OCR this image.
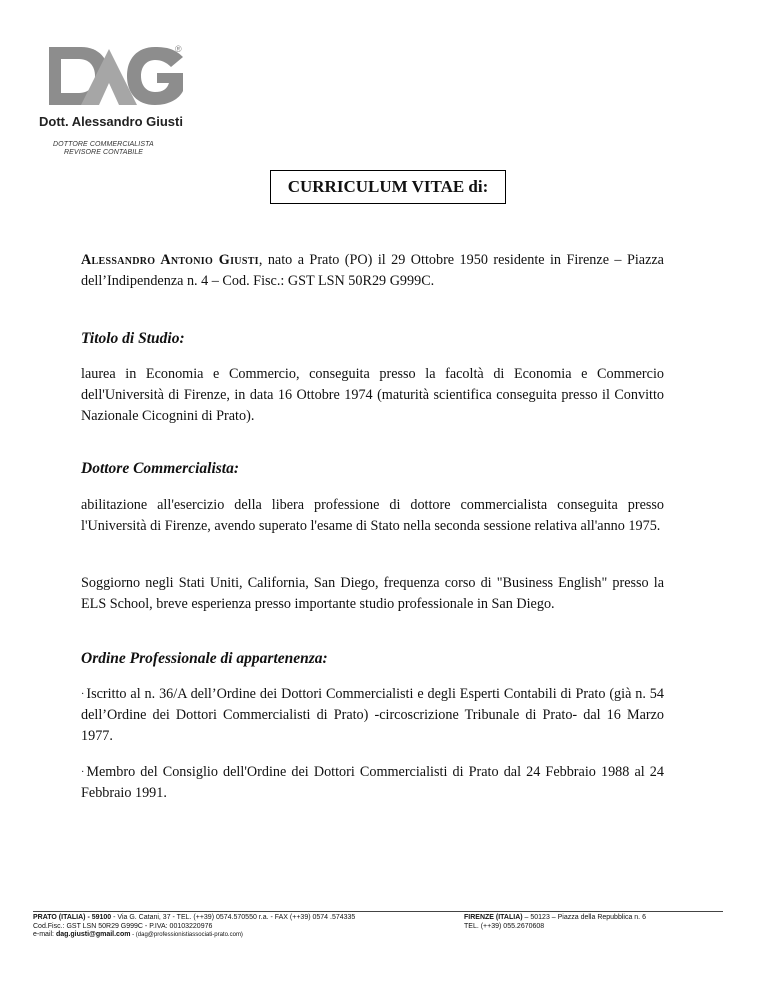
®
Dott. Alessandro Giusti
DOTTORE COMMERCIALISTA
REVISORE CONTABILE
CURRICULUM VITAE di:

Alessandro Antonio Giusti, nato a Prato (PO) il 29 Ottobre 1950 residente in Firenze – Piazza dell’Indipendenza n. 4 – Cod. Fisc.: GST LSN 50R29 G999C.

Titolo di Studio:

laurea in Economia e Commercio, conseguita presso la facoltà di Economia e Commercio dell'Università di Firenze, in data 16 Ottobre 1974 (maturità scientifica conseguita presso il Convitto Nazionale Cicognini di Prato).

Dottore Commercialista:

abilitazione all'esercizio della libera professione di dottore commercialista conseguita presso l'Università di Firenze, avendo superato l'esame di Stato nella seconda sessione relativa all'anno 1975.

Soggiorno negli Stati Uniti, California, San Diego, frequenza corso di "Business English" presso la ELS School, breve esperienza presso importante studio professionale in San Diego.

Ordine Professionale di appartenenza:

· Iscritto al n. 36/A dell’Ordine dei Dottori Commercialisti e degli Esperti Contabili di Prato (già n. 54 dell’Ordine dei Dottori Commercialisti di Prato) -circoscrizione Tribunale di Prato- dal 16 Marzo 1977.

· Membro del Consiglio dell'Ordine dei Dottori Commercialisti di Prato dal 24 Febbraio 1988 al 24 Febbraio 1991.

PRATO (ITALIA) - 59100 - Via G. Catani, 37 - TEL. (++39) 0574.570550 r.a. - FAX (++39) 0574 .574335
Cod.Fisc.: GST LSN 50R29 G999C - P.IVA: 00103220976
e-mail: dag.giusti@gmail.com - (dag@professionistiassociati-prato.com)
FIRENZE (ITALIA) – 50123 – Piazza della Repubblica n. 6
TEL. (++39) 055.2670608
